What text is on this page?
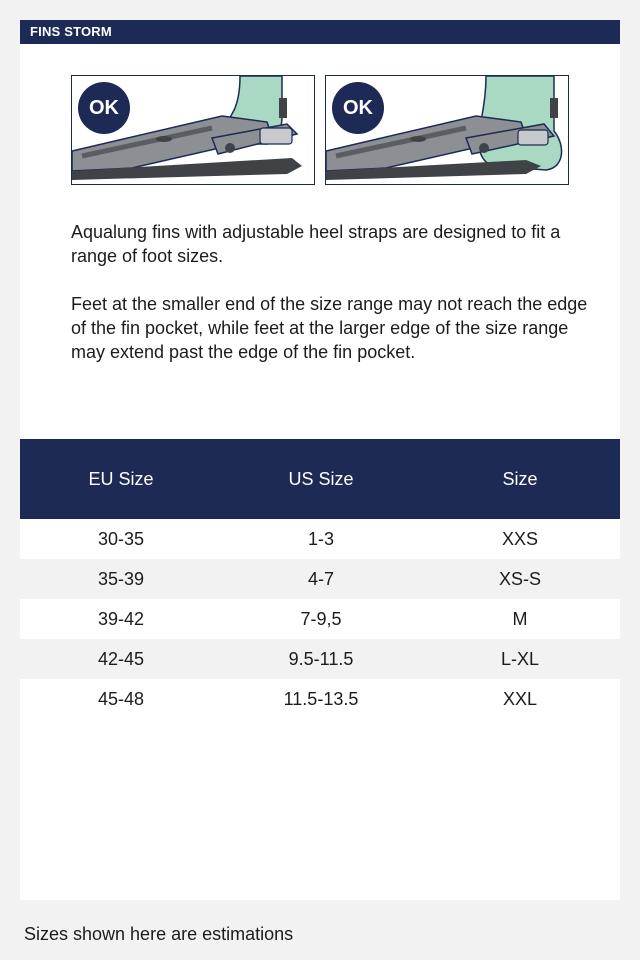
FINS STORM
OK	OK

Aqualung fins with adjustable heel straps are designed to fit a range of foot sizes.

Feet at the smaller end of the size range may not reach the edge of the fin pocket, while feet at the larger edge of the size range may extend past the edge of the fin pocket.

EU Size	US Size	Size
30-35	1-3	XXS
35-39	4-7	XS-S
39-42	7-9,5	M
42-45	9.5-11.5	L-XL
45-48	11.5-13.5	XXL
Sizes shown here are estimations
